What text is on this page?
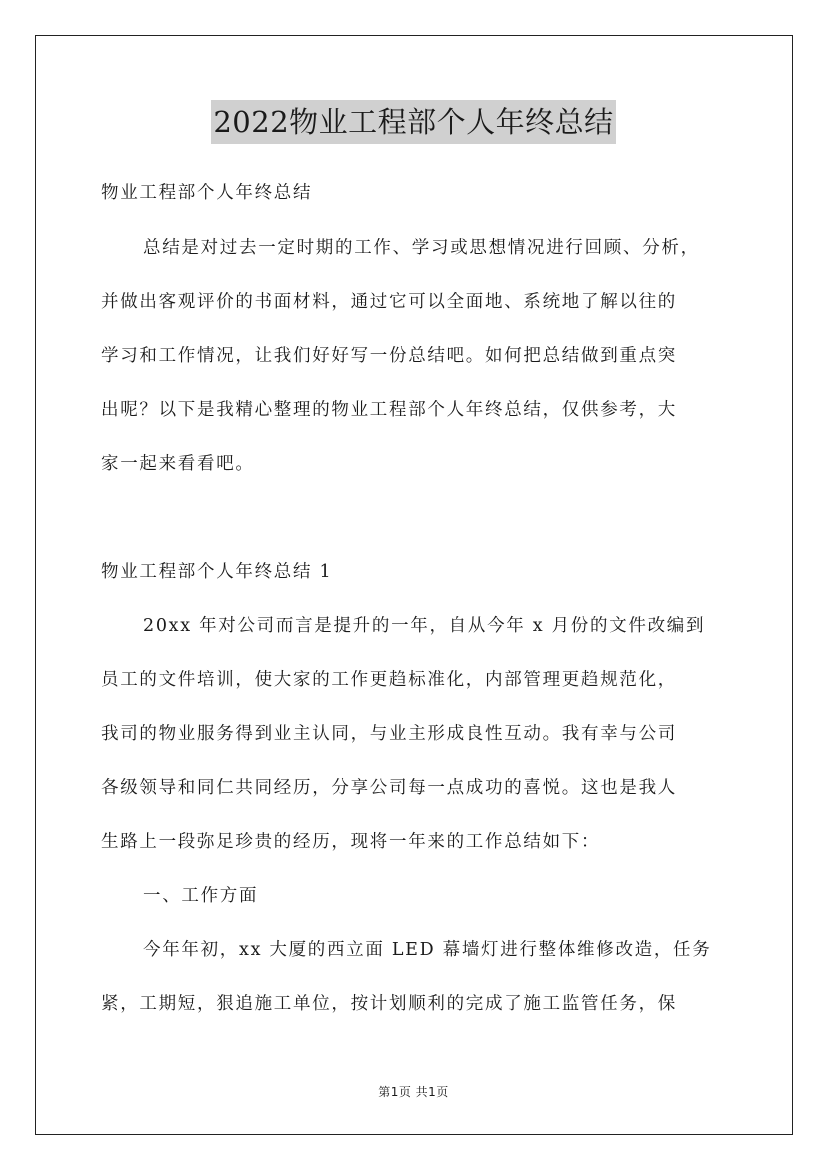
2022物业工程部个人年终总结
物业工程部个人年终总结
总结是对过去一定时期的工作、学习或思想情况进行回顾、分析，
并做出客观评价的书面材料，通过它可以全面地、系统地了解以往的
学习和工作情况，让我们好好写一份总结吧。如何把总结做到重点突
出呢？以下是我精心整理的物业工程部个人年终总结，仅供参考，大
家一起来看看吧。
物业工程部个人年终总结 1
20xx 年对公司而言是提升的一年，自从今年 x 月份的文件改编到
员工的文件培训，使大家的工作更趋标准化，内部管理更趋规范化，
我司的物业服务得到业主认同，与业主形成良性互动。我有幸与公司
各级领导和同仁共同经历，分享公司每一点成功的喜悦。这也是我人
生路上一段弥足珍贵的经历，现将一年来的工作总结如下：
一、工作方面
今年年初，xx 大厦的西立面 LED 幕墙灯进行整体维修改造，任务
紧，工期短，狠追施工单位，按计划顺利的完成了施工监管任务，保
第1页 共1页
